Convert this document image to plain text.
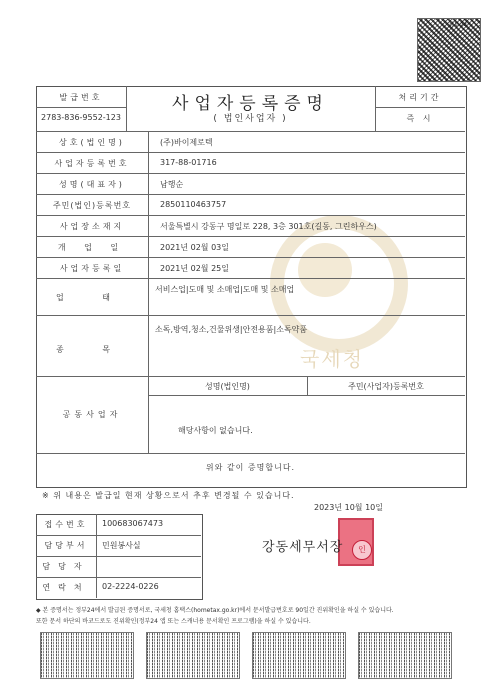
정부24
발급번호
2783-836-9552-123
사업자등록증명
( 법인사업자 )
처리기간
즉 시
국세청
상호(법인명)	(주)바이제로텍
사업자등록번호	317-88-01716
성명(대표자)	남행순
주민(법인)등록번호	2850110463757
사업장소재지	서울특별시 강동구 명일로 228, 3층 301호(길동, 그린하우스)
개 업 일	2021년 02월 03일
사업자등록일	2021년 02월 25일
업 태
서비스업|도매 및 소매업|도매 및 소매업
종 목
소독,방역,청소,건물위생|안전용품|소독약품
공동사업자
성명(법인명)	주민(사업자)등록번호
해당사항이 없습니다.
위와 같이 증명합니다.
※ 위 내용은 발급일 현재 상황으로서 추후 변경될 수 있습니다.
2023년 10월 10일
접수번호	100683067473
담당부서	민원봉사실
담당자
연락처	02-2224-0226
인
강동세무서장
◆ 본 증명서는 정부24에서 발급된 증명서로, 국세청 홈택스(hometax.go.kr)에서 문서발급번호로 90일간 진위확인을 하실 수 있습니다.
또한 문서 하단의 바코드로도 진위확인(정부24 앱 또는 스캐너용 문서확인 프로그램)을 하실 수 있습니다.
